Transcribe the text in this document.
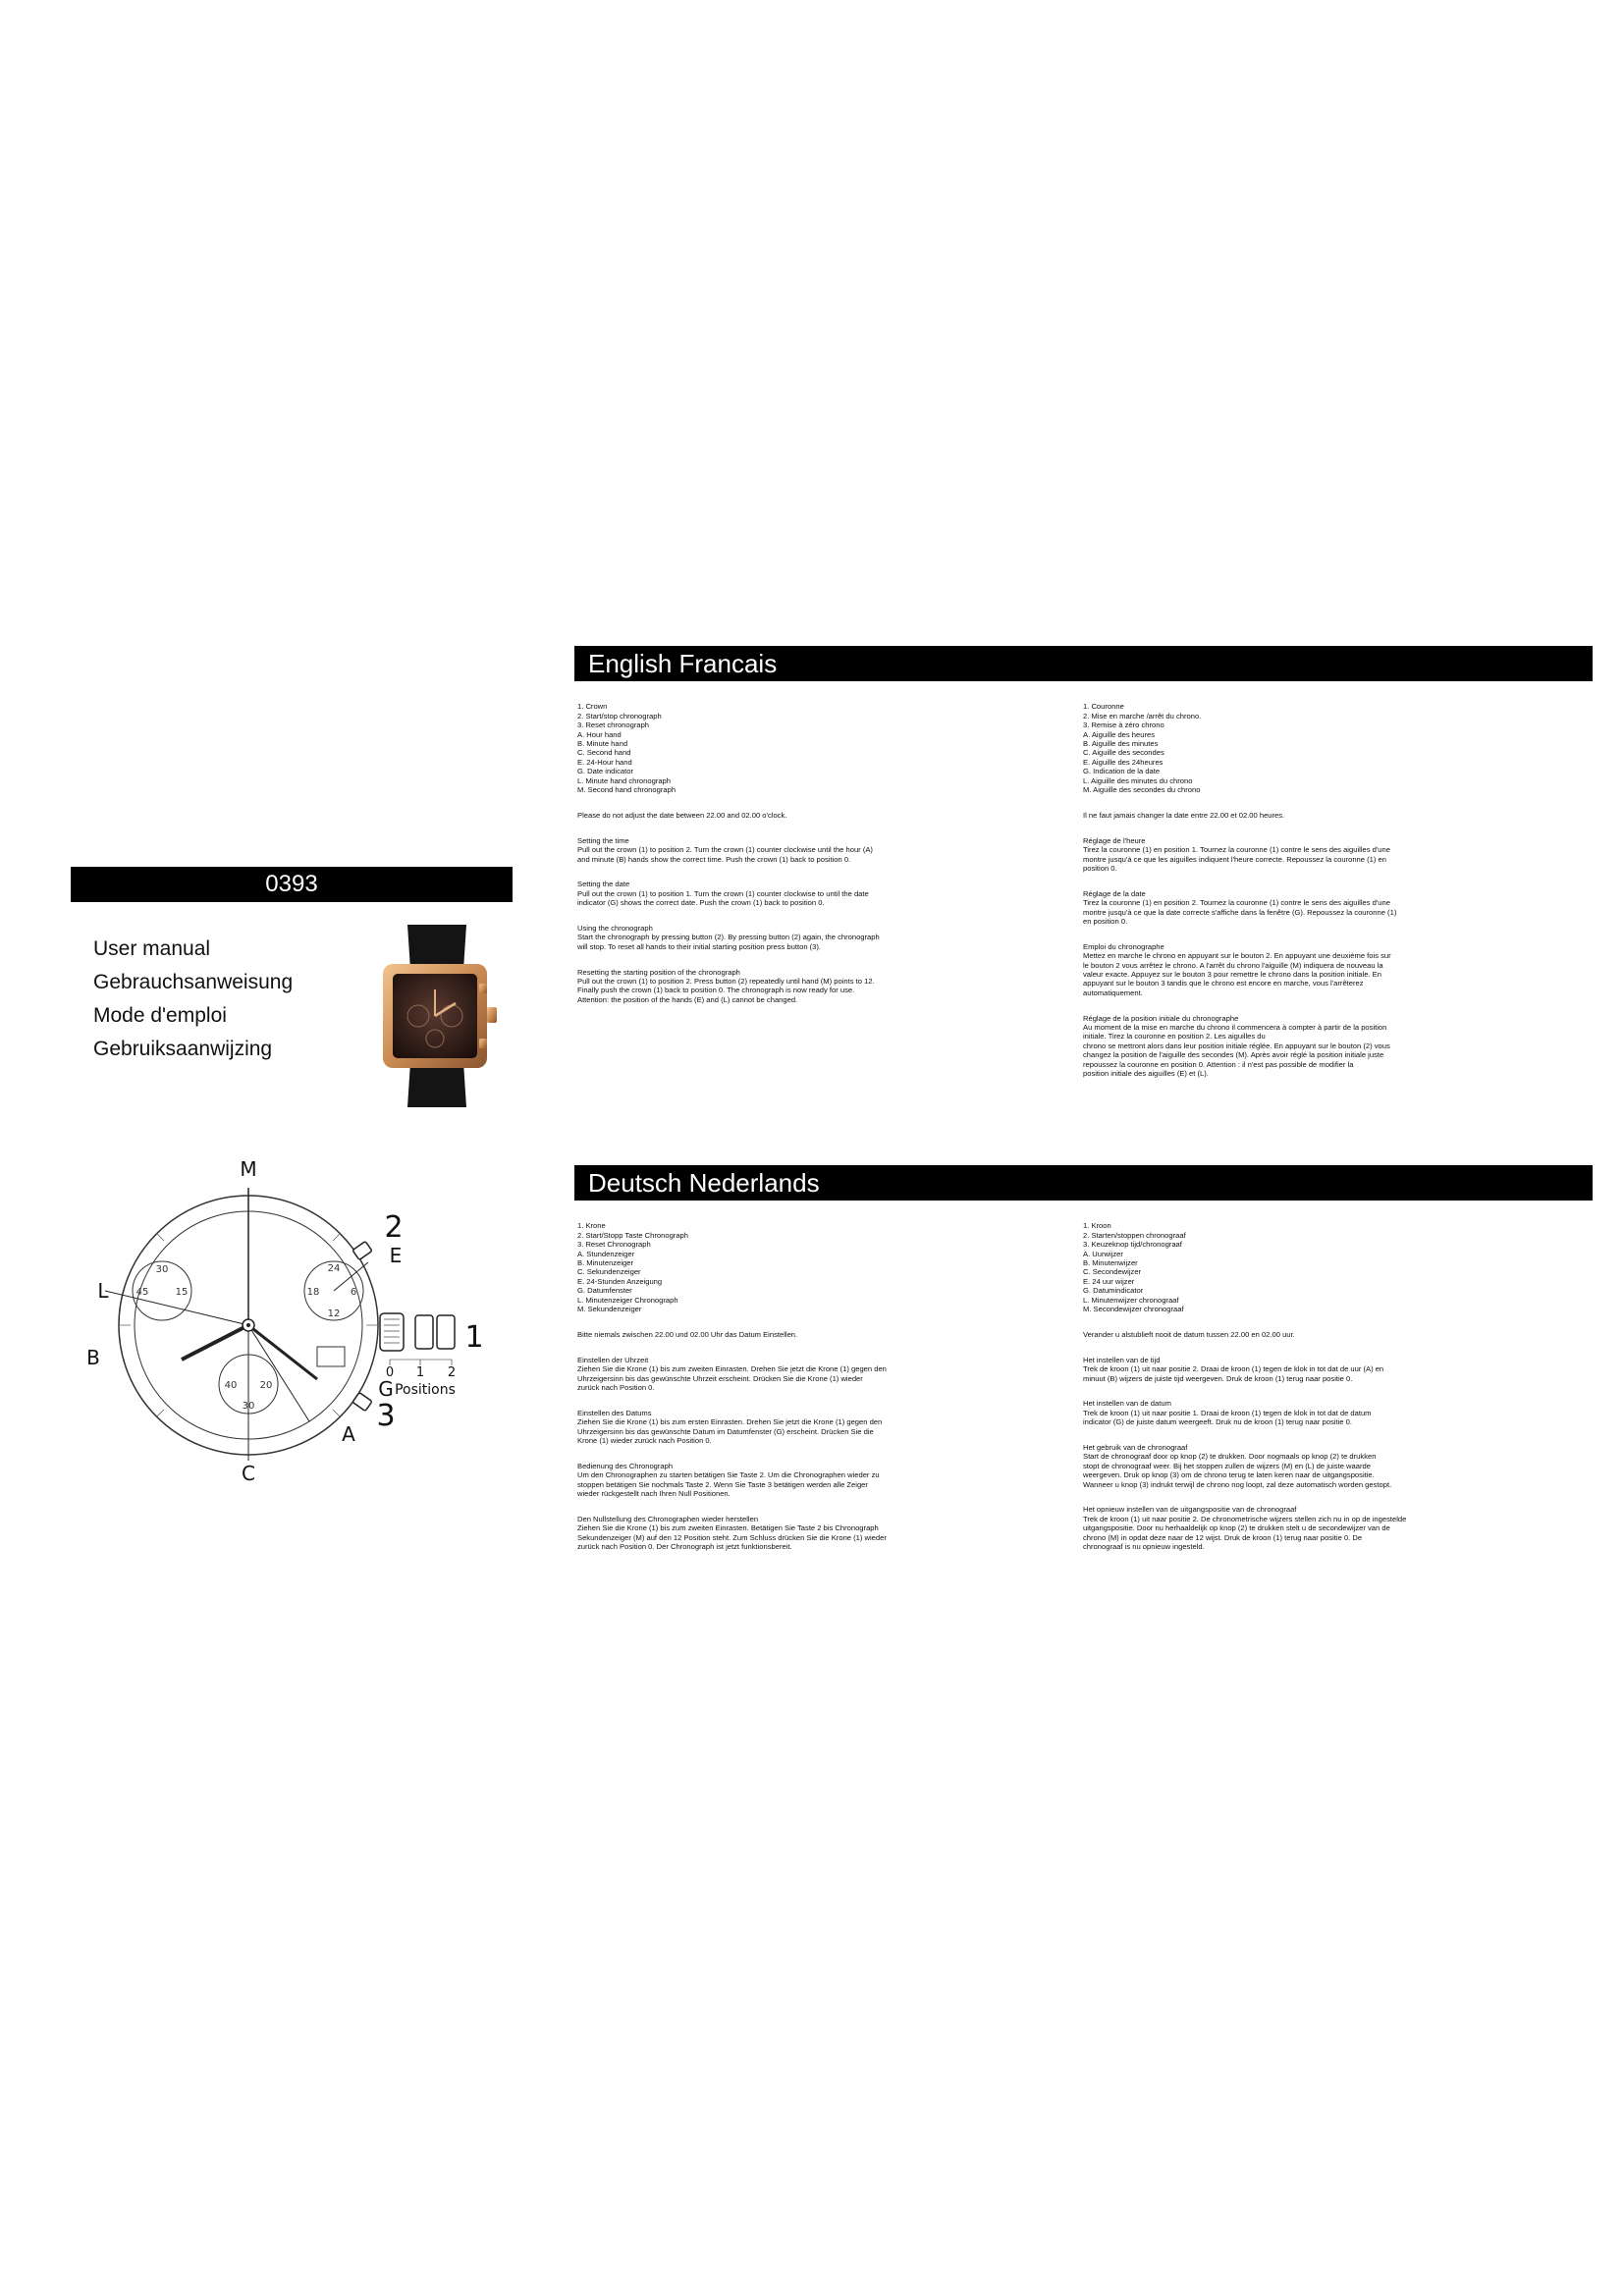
0393
User manual
Gebrauchsanweisung
Mode d'emploi
Gebruiksaanwijzing
30
45	15
24
18	6
12
40 20
30
M
L
B
C
A
G
E
2
3
1
0 1 2
Positions
English Francais
Deutsch Nederlands

1. Crown
2. Start/stop chronograph
3. Reset chronograph
A. Hour hand
B. Minute hand
C. Second hand
E. 24-Hour hand
G. Date indicator
L. Minute hand chronograph
M. Second hand chronograph

Please do not adjust the date between 22.00 and 02.00 o'clock.

Setting the time
Pull out the crown (1) to position 2. Turn the crown (1) counter clockwise until the hour (A)
and minute (B) hands show the correct time. Push the crown (1) back to position 0.

Setting the date
Pull out the crown (1) to position 1. Turn the crown (1) counter clockwise to until the date
indicator (G) shows the correct date. Push the crown (1) back to position 0.

Using the chronograph
Start the chronograph by pressing button (2). By pressing button (2) again, the chronograph
will stop. To reset all hands to their initial starting position press button (3).

Resetting the starting position of the chronograph
Pull out the crown (1) to position 2. Press button (2) repeatedly until hand (M) points to 12.
Finally push the crown (1) back to position 0. The chronograph is now ready for use.
Attention: the position of the hands (E) and (L) cannot be changed.

1. Couronne
2. Mise en marche /arrêt du chrono.
3. Remise à zéro chrono
A. Aiguille des heures
B. Aiguille des minutes
C. Aiguille des secondes
E. Aiguille des 24heures
G. Indication de la date
L. Aiguille des minutes du chrono
M. Aiguille des secondes du chrono

Il ne faut jamais changer la date entre 22.00 et 02.00 heures.

Réglage de l'heure
Tirez la couronne (1) en position 1. Tournez la couronne (1) contre le sens des aiguilles d'une
montre jusqu'à ce que les aiguilles indiquent l'heure correcte. Repoussez la couronne (1) en
position 0.

Réglage de la date
Tirez la couronne (1) en position 2. Tournez la couronne (1) contre le sens des aiguilles d'une
montre jusqu'à ce que la date correcte s'affiche dans la fenêtre (G). Repoussez la couronne (1)
en position 0.

Emploi du chronographe
Mettez en marche le chrono en appuyant sur le bouton 2. En appuyant une deuxième fois sur
le bouton 2 vous arrêtez le chrono. A l'arrêt du chrono l'aiguille (M) indiquera de nouveau la
valeur exacte. Appuyez sur le bouton 3 pour remettre le chrono dans la position initiale. En
appuyant sur le bouton 3 tandis que le chrono est encore en marche, vous l'arrêterez
automatiquement.

Réglage de la position initiale du chronographe
Au moment de la mise en marche du chrono il commencera à compter à partir de la position
initiale. Tirez la couronne en position 2. Les aiguilles du
chrono se mettront alors dans leur position initiale réglée. En appuyant sur le bouton (2) vous
changez la position de l'aiguille des secondes (M). Après avoir réglé la position initiale juste
repoussez la couronne en position 0. Attention : il n'est pas possible de modifier la
position initiale des aiguilles (E) et (L).

1. Krone
2. Start/Stopp Taste Chronograph
3. Reset Chronograph
A. Stundenzeiger
B. Minutenzeiger
C. Sekundenzeiger
E. 24-Stunden Anzeigung
G. Datumfenster
L. Minutenzeiger Chronograph
M. Sekundenzeiger

Bitte niemals zwischen 22.00 und 02.00 Uhr das Datum Einstellen.

Einstellen der Uhrzeit
Ziehen Sie die Krone (1) bis zum zweiten Einrasten. Drehen Sie jetzt die Krone (1) gegen den
Uhrzeigersinn bis das gewünschte Uhrzeit erscheint. Drücken Sie die Krone (1) wieder
zurück nach Position 0.

Einstellen des Datums
Ziehen Sie die Krone (1) bis zum ersten Einrasten. Drehen Sie jetzt die Krone (1) gegen den
Uhrzeigersinn bis das gewünschte Datum im Datumfenster (G) erscheint. Drücken Sie die
Krone (1) wieder zurück nach Position 0.

Bedienung des Chronograph
Um den Chronographen zu starten betätigen Sie Taste 2. Um die Chronographen wieder zu
stoppen betätigen Sie nochmals Taste 2. Wenn Sie Taste 3 betätigen werden alle Zeiger
wieder rückgestellt nach Ihren Null Positionen.

Den Nullstellung des Chronographen wieder herstellen
Ziehen Sie die Krone (1) bis zum zweiten Einrasten. Betätigen Sie Taste 2 bis Chronograph
Sekundenzeiger (M) auf den 12 Position steht. Zum Schluss drücken Sie die Krone (1) wieder
zurück nach Position 0. Der Chronograph ist jetzt funktionsbereit.

1. Kroon
2. Starten/stoppen chronograaf
3. Keuzeknop tijd/chronograaf
A. Uurwijzer
B. Minutenwijzer
C. Secondewijzer
E. 24 uur wijzer
G. Datumindicator
L. Minutenwijzer chronograaf
M. Secondewijzer chronograaf

Verander u alstublieft nooit de datum tussen 22.00 en 02.00 uur.

Het instellen van de tijd
Trek de kroon (1) uit naar positie 2. Draai de kroon (1) tegen de klok in tot dat de uur (A) en
minuut (B) wijzers de juiste tijd weergeven. Druk de kroon (1) terug naar positie 0.

Het instellen van de datum
Trek de kroon (1) uit naar positie 1. Draai de kroon (1) tegen de klok in tot dat de datum
indicator (G) de juiste datum weergeeft. Druk nu de kroon (1) terug naar positie 0.

Het gebruik van de chronograaf
Start de chronograaf door op knop (2) te drukken. Door nogmaals op knop (2) te drukken
stopt de chronograaf weer. Bij het stoppen zullen de wijzers (M) en (L) de juiste waarde
weergeven. Druk op knop (3) om de chrono terug te laten keren naar de uitgangspositie.
Wanneer u knop (3) indrukt terwijl de chrono nog loopt, zal deze automatisch worden gestopt.

Het opnieuw instellen van de uitgangspositie van de chronograaf
Trek de kroon (1) uit naar positie 2. De chronometrische wijzers stellen zich nu in op de ingestelde
uitgangspositie. Door nu herhaaldelijk op knop (2) te drukken stelt u de secondewijzer van de
chrono (M) in opdat deze naar de 12 wijst. Druk de kroon (1) terug naar positie 0. De
chronograaf is nu opnieuw ingesteld.
